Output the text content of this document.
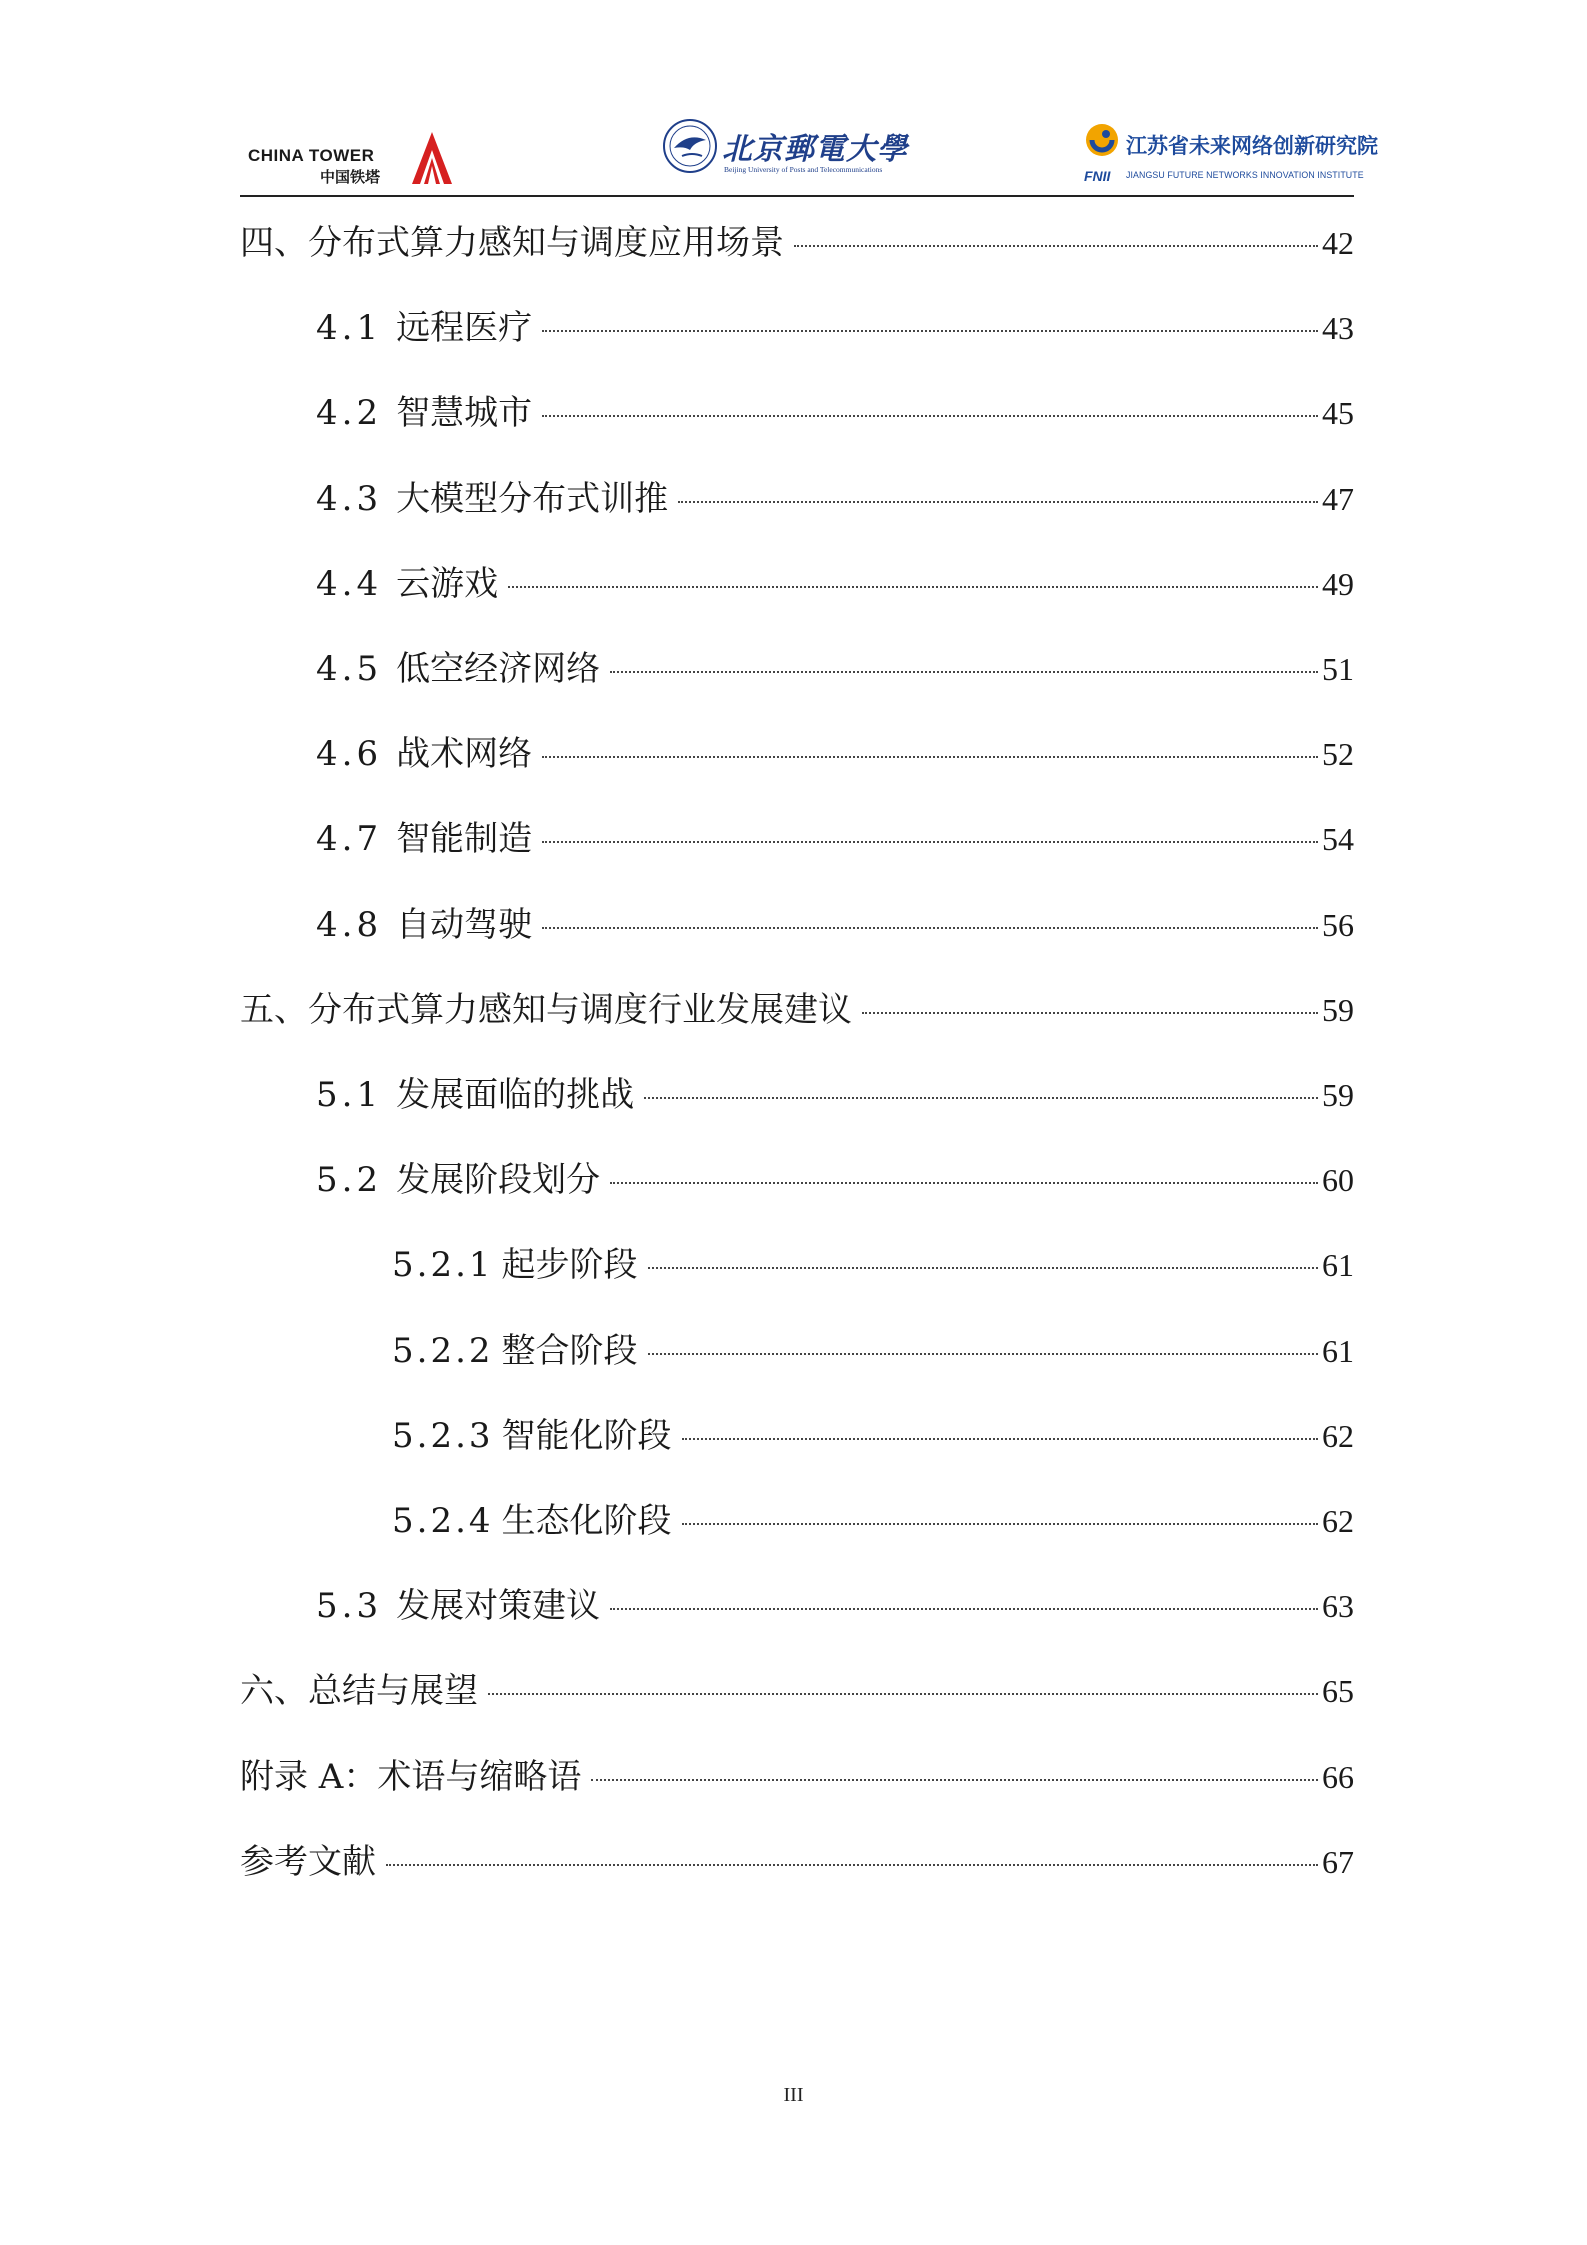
CHINA TOWER
中国铁塔
北京郵電大學
Beijing University of Posts and Telecommunications
江苏省未来网络创新研究院
FNII JIANGSU FUTURE NETWORKS INNOVATION INSTITUTE
四、分布式算力感知与调度应用场景	42
4.1 远程医疗	43
4.2 智慧城市	45
4.3 大模型分布式训推	47
4.4 云游戏	49
4.5 低空经济网络	51
4.6 战术网络	52
4.7 智能制造	54
4.8 自动驾驶	56
五、分布式算力感知与调度行业发展建议	59
5.1 发展面临的挑战	59
5.2 发展阶段划分	60
5.2.1 起步阶段	61
5.2.2 整合阶段	61
5.2.3 智能化阶段	62
5.2.4 生态化阶段	62
5.3 发展对策建议	63
六、总结与展望	65
附录 A：术语与缩略语	66
参考文献	67
III
